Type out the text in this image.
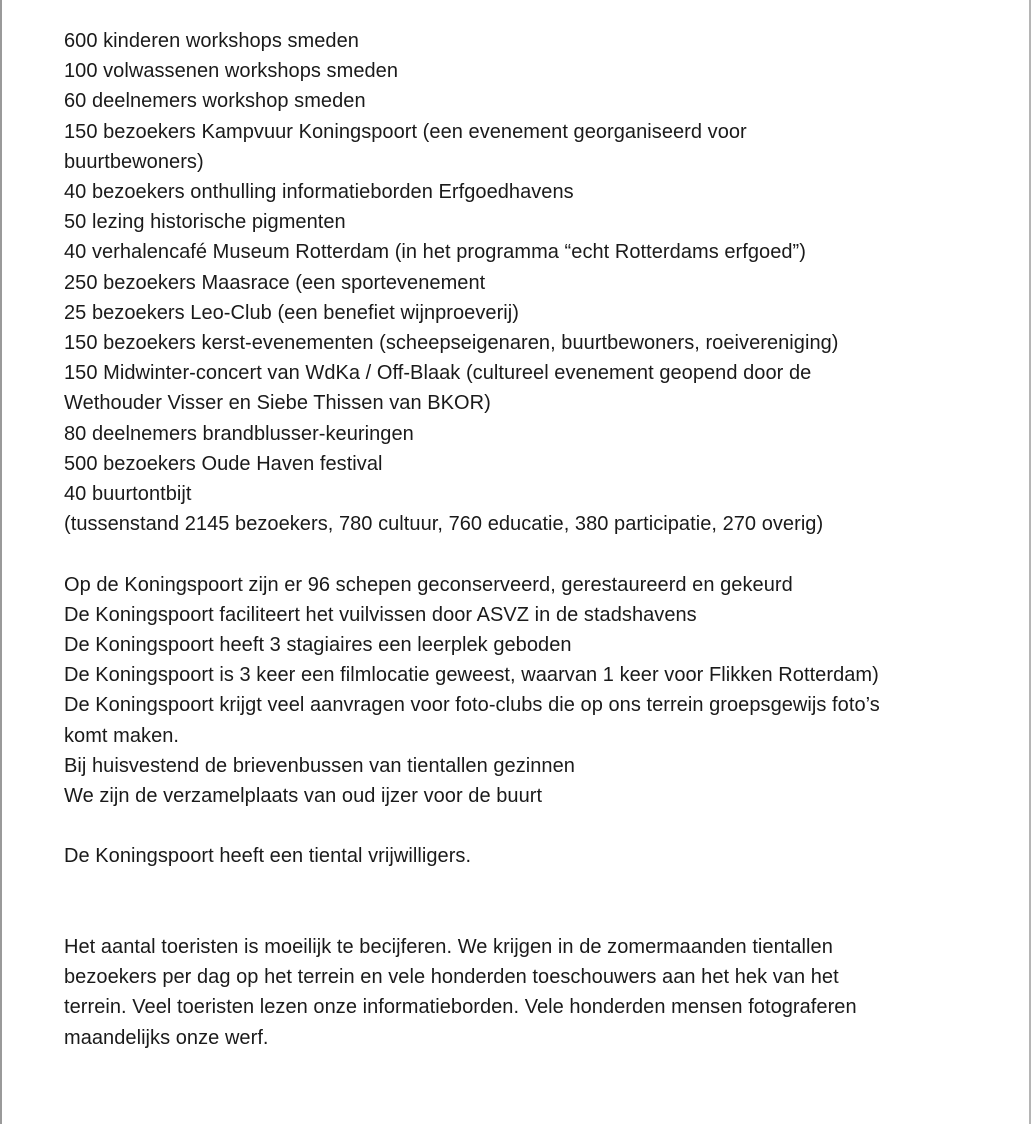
600 kinderen workshops smeden
100 volwassenen workshops smeden
60 deelnemers workshop smeden
150 bezoekers Kampvuur Koningspoort (een evenement georganiseerd voor
buurtbewoners)
40 bezoekers onthulling informatieborden Erfgoedhavens
50 lezing historische pigmenten
40 verhalencafé Museum Rotterdam (in het programma “echt Rotterdams erfgoed”)
250 bezoekers Maasrace (een sportevenement
25 bezoekers Leo-Club (een benefiet wijnproeverij)
150 bezoekers kerst-evenementen (scheepseigenaren, buurtbewoners, roeivereniging)
150 Midwinter-concert van WdKa / Off-Blaak (cultureel evenement geopend door de
Wethouder Visser en Siebe Thissen van BKOR)
80 deelnemers brandblusser-keuringen
500 bezoekers Oude Haven festival
40 buurtontbijt
(tussenstand 2145 bezoekers, 780 cultuur, 760 educatie, 380 participatie, 270 overig)
Op de Koningspoort zijn er 96 schepen geconserveerd, gerestaureerd en gekeurd
De Koningspoort faciliteert het vuilvissen door ASVZ in de stadshavens
De Koningspoort heeft 3 stagiaires een leerplek geboden
De Koningspoort is 3 keer een filmlocatie geweest, waarvan 1 keer voor Flikken Rotterdam)
De Koningspoort krijgt veel aanvragen voor foto-clubs die op ons terrein groepsgewijs foto’s
komt maken.
Bij huisvestend de brievenbussen van tientallen gezinnen
We zijn de verzamelplaats van oud ijzer voor de buurt

De Koningspoort heeft een tiental vrijwilligers.

Het aantal toeristen is moeilijk te becijferen. We krijgen in de zomermaanden tientallen
bezoekers per dag op het terrein en vele honderden toeschouwers aan het hek van het
terrein. Veel toeristen lezen onze informatieborden. Vele honderden mensen fotograferen
maandelijks onze werf.
